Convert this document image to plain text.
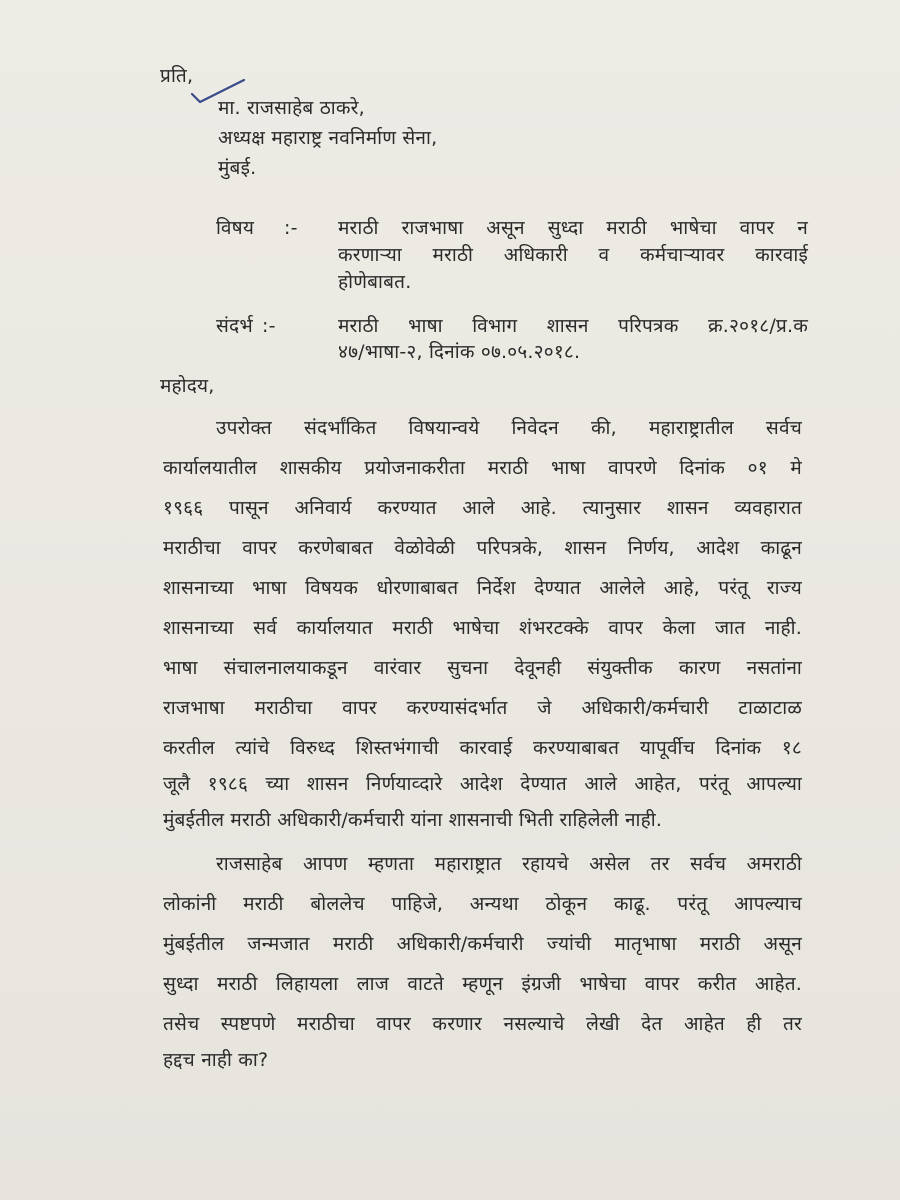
प्रति,
मा. राजसाहेब ठाकरे,
अध्यक्ष महाराष्ट्र नवनिर्माण सेना,
मुंबई.
विषय :- मराठी राजभाषा असून सुध्दा मराठी भाषेचा वापर न
करणाऱ्या मराठी अधिकारी व कर्मचाऱ्यावर कारवाई
होणेबाबत.
संदर्भ :-	मराठी भाषा विभाग शासन परिपत्रक क्र.२०१८/प्र.क
४७/भाषा-२, दिनांक ०७.०५.२०१८.
महोदय,
उपरोक्त संदर्भांकित विषयान्वये निवेदन की, महाराष्ट्रातील सर्वच
कार्यालयातील शासकीय प्रयोजनाकरीता मराठी भाषा वापरणे दिनांक ०१ मे
१९६६ पासून अनिवार्य करण्यात आले आहे. त्यानुसार शासन व्यवहारात
मराठीचा वापर करणेबाबत वेळोवेळी परिपत्रके, शासन निर्णय, आदेश काढून
शासनाच्या भाषा विषयक धोरणाबाबत निर्देश देण्यात आलेले आहे, परंतू राज्य
शासनाच्या सर्व कार्यालयात मराठी भाषेचा शंभरटक्के वापर केला जात नाही.
भाषा संचालनालयाकडून वारंवार सुचना देवूनही संयुक्तीक कारण नसतांना
राजभाषा मराठीचा वापर करण्यासंदर्भात जे अधिकारी/कर्मचारी टाळाटाळ
करतील त्यांचे विरुध्द शिस्तभंगाची कारवाई करण्याबाबत यापूर्वीच दिनांक १८
जूलै १९८६ च्या शासन निर्णयाव्दारे आदेश देण्यात आले आहेत, परंतू आपल्या
मुंबईतील मराठी अधिकारी/कर्मचारी यांना शासनाची भिती राहिलेली नाही.
राजसाहेब आपण म्हणता महाराष्ट्रात रहायचे असेल तर सर्वच अमराठी
लोकांनी मराठी बोललेच पाहिजे, अन्यथा ठोकून काढू. परंतू आपल्याच
मुंबईतील जन्मजात मराठी अधिकारी/कर्मचारी ज्यांची मातृभाषा मराठी असून
सुध्दा मराठी लिहायला लाज वाटते म्हणून इंग्रजी भाषेचा वापर करीत आहेत.
तसेच स्पष्टपणे मराठीचा वापर करणार नसल्याचे लेखी देत आहेत ही तर
हद्दच नाही का?
